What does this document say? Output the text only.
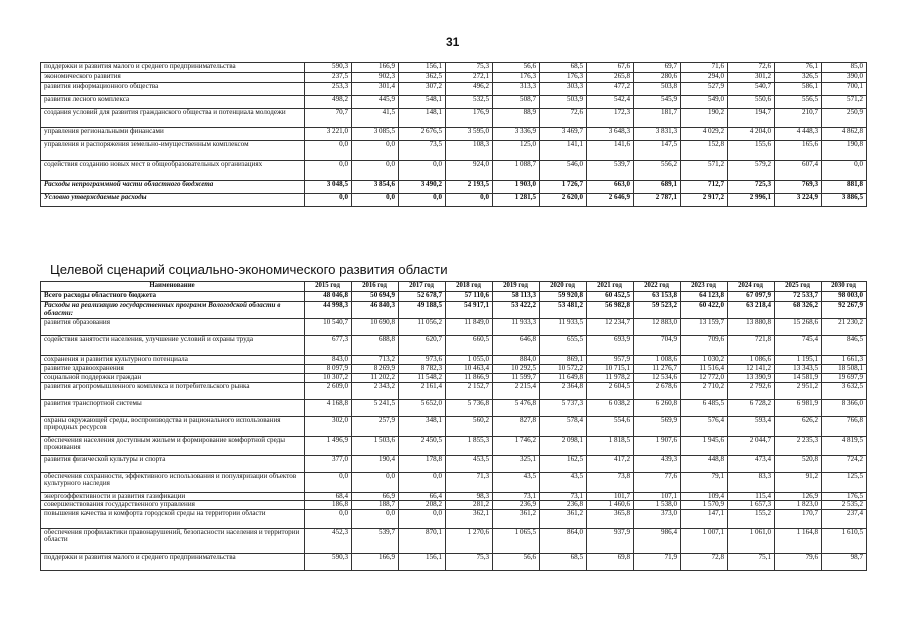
31
поддержки и развития малого и среднего предпринимательства	590,3	166,9	156,1	75,3	56,6	68,5	67,6	69,7	71,6	72,6	76,1	85,0
экономического развития	237,5	902,3	362,5	272,1	176,3	176,3	265,8	280,6	294,0	301,2	326,5	390,0
развития информационного общества	253,3	301,4	307,2	496,2	313,3	303,3	477,2	503,8	527,9	540,7	586,1	700,1
развития лесного комплекса	498,2	445,9	548,1	532,5	508,7	503,9	542,4	545,9	549,0	550,6	556,5	571,2
создания условий для развития гражданского общества и потенциала молодежи	70,7	41,5	148,1	176,9	88,9	72,6	172,3	181,7	190,2	194,7	210,7	250,9
управления региональными финансами	3 221,0	3 085,5	2 676,5	3 595,0	3 336,9	3 469,7	3 648,3	3 831,3	4 029,2	4 204,0	4 448,3	4 862,8
управления и распоряжения земельно-имущественным комплексом	0,0	0,0	73,5	108,3	125,0	141,1	141,6	147,5	152,8	155,6	165,6	190,8
содействия созданию новых мест в общеобразовательных организациях	0,0	0,0	0,0	924,0	1 088,7	546,0	539,7	556,2	571,2	579,2	607,4	0,0
Расходы непрограммной части областного бюджета	3 048,5	3 854,6	3 490,2	2 193,5	1 903,0	1 726,7	663,0	689,1	712,7	725,3	769,3	881,8
Условно утверждаемые расходы	0,0	0,0	0,0	0,0	1 281,5	2 620,0	2 646,9	2 787,1	2 917,2	2 996,1	3 224,9	3 886,5
Целевой сценарий социально-экономического развития области
Наименование	2015 год	2016 год	2017 год	2018 год	2019 год	2020 год	2021 год	2022 год	2023 год	2024 год	2025 год	2030 год
Всего расходы областного бюджета	48 046,8	50 694,9	52 678,7	57 110,6	58 113,3	59 920,8	60 452,5	63 153,8	64 123,8	67 097,9	72 533,7	98 003,0
Расходы на реализацию государственных программ Вологодской области в области:	44 998,3	46 840,3	49 188,5	54 917,1	53 422,2	53 481,2	56 982,8	59 523,2	60 422,0	63 218,4	68 326,2	92 267,9
развития образования	10 540,7	10 690,8	11 056,2	11 849,0	11 933,3	11 933,5	12 234,7	12 883,0	13 159,7	13 880,8	15 268,6	21 230,2
содействия занятости населения, улучшение условий и охраны труда	677,3	688,8	620,7	660,5	646,8	655,5	693,9	704,9	709,6	721,8	745,4	846,5
сохранения и развития культурного потенциала	843,0	713,2	973,6	1 055,0	884,0	869,1	957,9	1 008,6	1 030,2	1 086,6	1 195,1	1 661,3
развитие здравоохранения	8 097,9	8 269,9	8 782,3	10 463,4	10 292,5	10 572,2	10 715,1	11 276,7	11 516,4	12 141,2	13 343,5	18 508,1
социальной поддержки граждан	10 307,2	11 202,2	11 548,2	11 866,9	11 599,7	11 649,8	11 978,2	12 534,6	12 772,0	13 390,9	14 581,9	19 697,9
развития агропромышленного комплекса и потребительского рынка	2 609,0	2 343,2	2 161,4	2 152,7	2 215,4	2 364,8	2 604,5	2 678,6	2 710,2	2 792,6	2 951,2	3 632,5
развития транспортной системы	4 168,8	5 241,5	5 652,0	5 736,8	5 476,8	5 737,3	6 038,2	6 260,8	6 485,5	6 728,2	6 981,9	8 366,0
охраны окружающей среды, воспроизводства и рационального использования природных ресурсов	302,0	257,9	348,1	560,2	827,8	578,4	554,6	569,9	576,4	593,4	626,2	766,8
обеспечения населения доступным жильем и формирование комфортной среды проживания	1 496,9	1 503,6	2 450,5	1 855,3	1 746,2	2 098,1	1 818,5	1 907,6	1 945,6	2 044,7	2 235,3	4 819,5
развития физической культуры и спорта	377,0	190,4	178,8	453,5	325,1	162,5	417,2	439,3	448,8	473,4	520,8	724,2
обеспечения сохранности, эффективного использования и популяризации объектов культурного наследия	0,0	0,0	0,0	71,3	43,5	43,5	73,8	77,6	79,1	83,3	91,2	125,5
энергоэффективности и развития газификации	68,4	66,9	66,4	98,3	73,1	73,1	101,7	107,1	109,4	115,4	126,9	176,5
совершенствования государственного управления	186,8	188,7	208,2	281,2	236,9	236,8	1 460,6	1 538,0	1 570,9	1 657,3	1 823,0	2 535,2
повышения качества и комфорта городской среды на территории области	0,0	0,0	0,0	362,1	361,2	361,2	365,8	373,0	147,1	155,2	170,7	237,4
обеспечения профилактики правонарушений, безопасности населения и территории области	452,3	539,7	870,1	1 270,6	1 065,5	864,0	937,9	986,4	1 007,1	1 061,0	1 164,8	1 610,5
поддержки и развития малого и среднего предпринимательства	590,3	166,9	156,1	75,3	56,6	68,5	69,8	71,9	72,8	75,1	79,6	98,7
